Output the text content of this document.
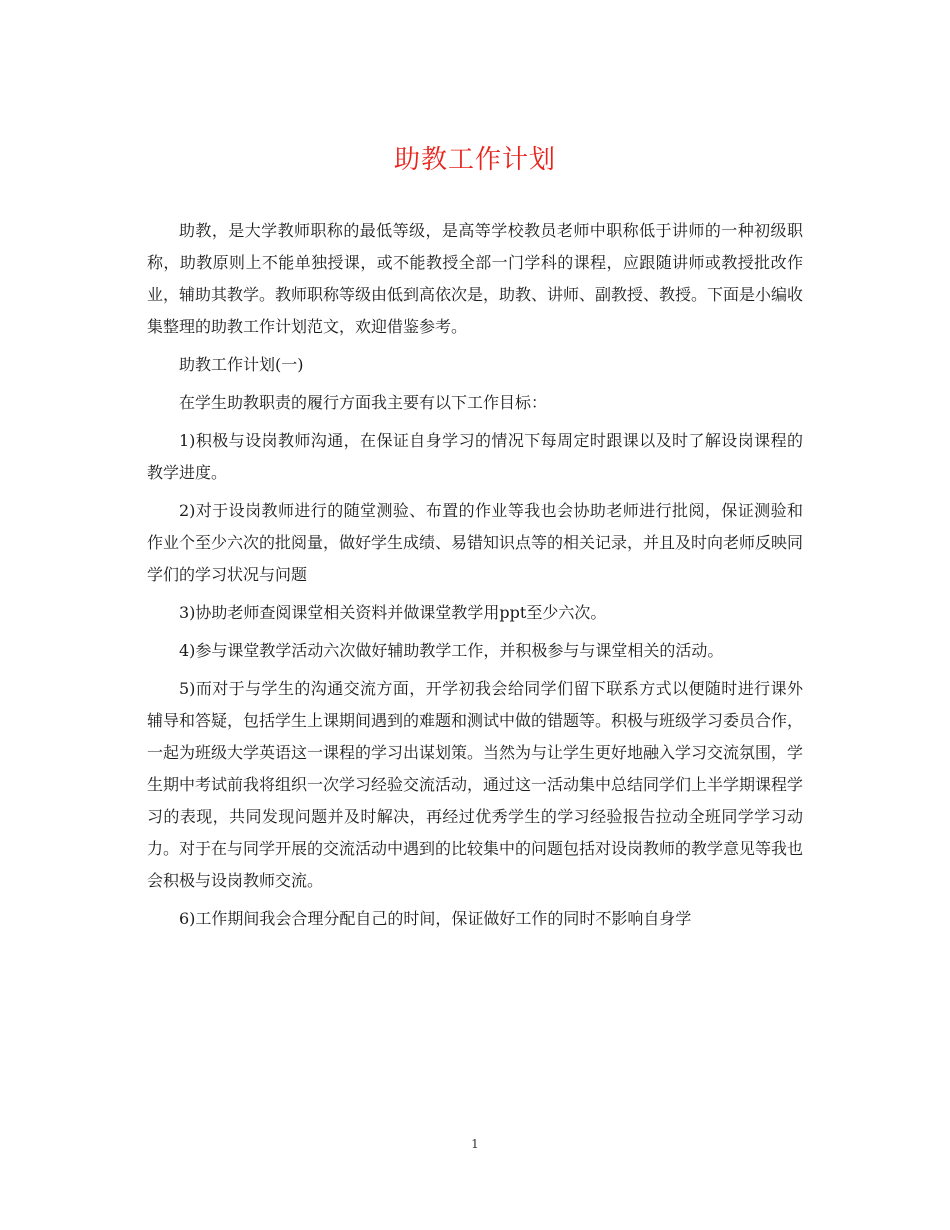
助教工作计划

助教，是大学教师职称的最低等级，是高等学校教员老师中职称低于讲师的一种初级职称，助教原则上不能单独授课，或不能教授全部一门学科的课程，应跟随讲师或教授批改作业，辅助其教学。教师职称等级由低到高依次是，助教、讲师、副教授、教授。下面是小编收集整理的助教工作计划范文，欢迎借鉴参考。

助教工作计划(一)

在学生助教职责的履行方面我主要有以下工作目标：

1)积极与设岗教师沟通，在保证自身学习的情况下每周定时跟课以及时了解设岗课程的教学进度。

2)对于设岗教师进行的随堂测验、布置的作业等我也会协助老师进行批阅，保证测验和作业个至少六次的批阅量，做好学生成绩、易错知识点等的相关记录，并且及时向老师反映同学们的学习状况与问题

3)协助老师查阅课堂相关资料并做课堂教学用ppt至少六次。

4)参与课堂教学活动六次做好辅助教学工作，并积极参与与课堂相关的活动。

5)而对于与学生的沟通交流方面，开学初我会给同学们留下联系方式以便随时进行课外辅导和答疑，包括学生上课期间遇到的难题和测试中做的错题等。积极与班级学习委员合作，一起为班级大学英语这一课程的学习出谋划策。当然为与让学生更好地融入学习交流氛围，学生期中考试前我将组织一次学习经验交流活动，通过这一活动集中总结同学们上半学期课程学习的表现，共同发现问题并及时解决，再经过优秀学生的学习经验报告拉动全班同学学习动力。对于在与同学开展的交流活动中遇到的比较集中的问题包括对设岗教师的教学意见等我也会积极与设岗教师交流。

6)工作期间我会合理分配自己的时间，保证做好工作的同时不影响自身学

1
